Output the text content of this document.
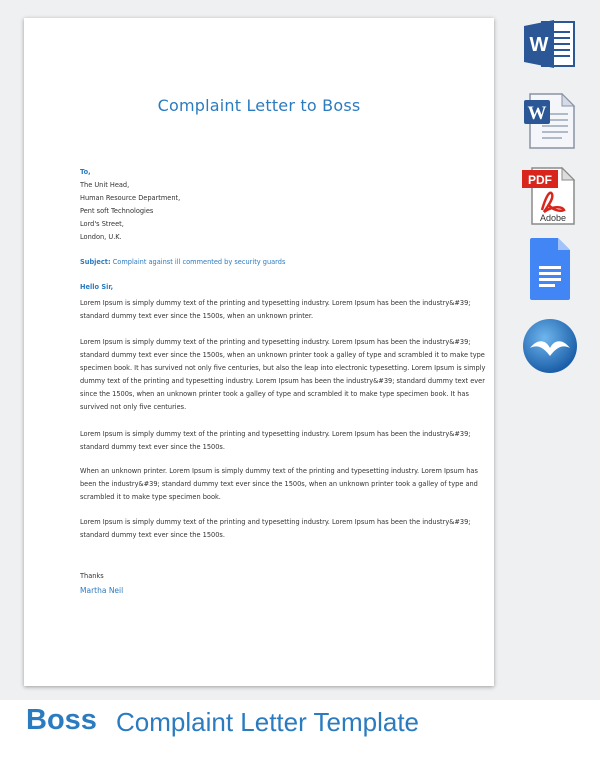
Complaint Letter to Boss
To,
The Unit Head,
Human Resource Department,
Pent soft Technologies
Lord's Street,
London, U.K.
Subject: Complaint against ill commented by security guards
Hello Sir,
Lorem Ipsum is simply dummy text of the printing and typesetting industry. Lorem Ipsum has been the industry&#39;
standard dummy text ever since the 1500s, when an unknown printer.
Lorem Ipsum is simply dummy text of the printing and typesetting industry. Lorem Ipsum has been the industry&#39;
standard dummy text ever since the 1500s, when an unknown printer took a galley of type and scrambled it to make type
specimen book. It has survived not only five centuries, but also the leap into electronic typesetting. Lorem Ipsum is simply
dummy text of the printing and typesetting industry. Lorem Ipsum has been the industry&#39; standard dummy text ever
since the 1500s, when an unknown printer took a galley of type and scrambled it to make type specimen book. It has
survived not only five centuries.
Lorem Ipsum is simply dummy text of the printing and typesetting industry. Lorem Ipsum has been the industry&#39;
standard dummy text ever since the 1500s.
When an unknown printer. Lorem Ipsum is simply dummy text of the printing and typesetting industry. Lorem Ipsum has
been the industry&#39; standard dummy text ever since the 1500s, when an unknown printer took a galley of type and
scrambled it to make type specimen book.
Lorem Ipsum is simply dummy text of the printing and typesetting industry. Lorem Ipsum has been the industry&#39;
standard dummy text ever since the 1500s.
Thanks
Martha Neil
W
W
PDF
Adobe
Boss Complaint Letter Template
